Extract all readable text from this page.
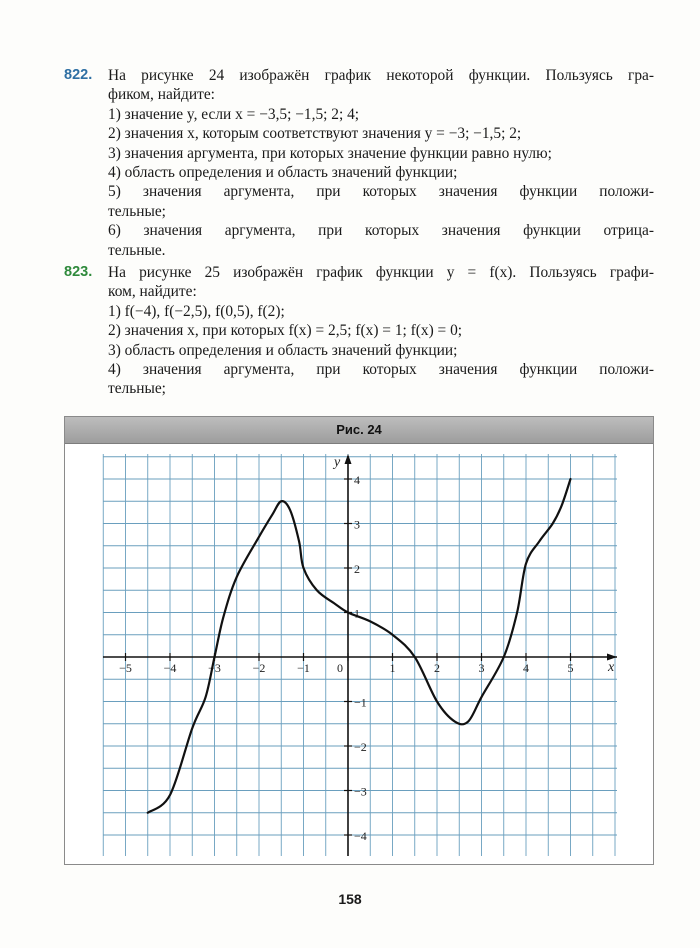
822.	На рисунке 24 изображён график некоторой функции. Пользуясь гра-
фиком, найдите:
1) значение y, если x = −3,5; −1,5; 2; 4;
2) значения x, которым соответствуют значения y = −3; −1,5; 2;
3) значения аргумента, при которых значение функции равно нулю;
4) область определения и область значений функции;
5) значения аргумента, при которых значения функции положи-
тельные;
6) значения аргумента, при которых значения функции отрица-
тельные.
823.	На рисунке 25 изображён график функции y = f(x). Пользуясь графи-
ком, найдите:
1) f(−4), f(−2,5), f(0,5), f(2);
2) значения x, при которых f(x) = 2,5; f(x) = 1; f(x) = 0;
3) область определения и область значений функции;
4) значения аргумента, при которых значения функции положи-
тельные;
Рис. 24
x
y
−5	−4	−3	−2	−1 0	1	2	3	4	5
4
3
2
1
−1
−2
−3
−4
158
